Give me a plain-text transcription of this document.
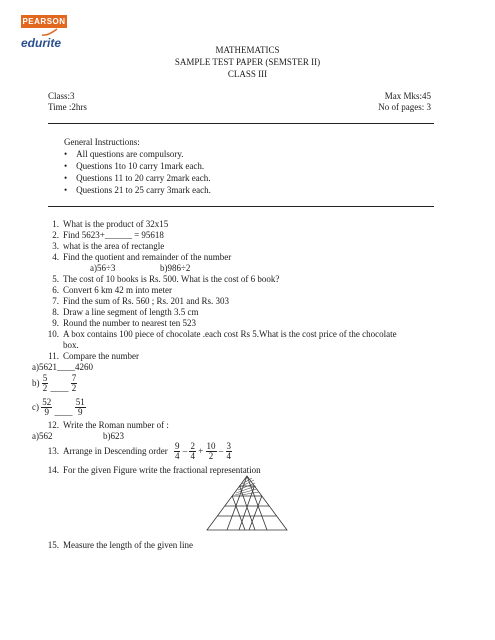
PEARSON
edurite	MATHEMATICS
SAMPLE TEST PAPER (SEMSTER II)
CLASS III
Class:3
Time :2hrs
Max Mks:45
No of pages: 3
General Instructions:
•    All questions are compulsory.
•    Questions 1to 10 carry 1mark each.
•    Questions 11 to 20 carry 2mark each.
•    Questions 21 to 25 carry 3mark each.
1. What is the product of 32x15
2. Find 5623+______ = 95618
3. what is the area of rectangle
4. Find the quotient and remainder of the number
a)56÷3	b)986÷2
5. The cost of 10 books is Rs. 500. What is the cost of 6 book?
6. Convert 6 km 42 m into meter
7. Find the sum of Rs. 560 ; Rs. 201 and Rs. 303
8. Draw a line segment of length 3.5 cm
9. Round the number to nearest ten 523
10. A box contains 100 piece of chocolate .each cost Rs 5.What is the cost price of the chocolate
box.
11. Compare the number
a)5621____4260
$b) \frac{5}{2}$ ____ $\frac{7}{2}$
$c) \frac{52}{9}$ ____ $\frac{51}{9}$
12. Write the Roman number of :
a)562	b)623
13. Arrange in Descending order $\frac{9}{4} - \frac{2}{4} + \frac{10}{2} - \frac{3}{4}$
14. For the given Figure write the fractional representation
15. Measure the length of the given line
